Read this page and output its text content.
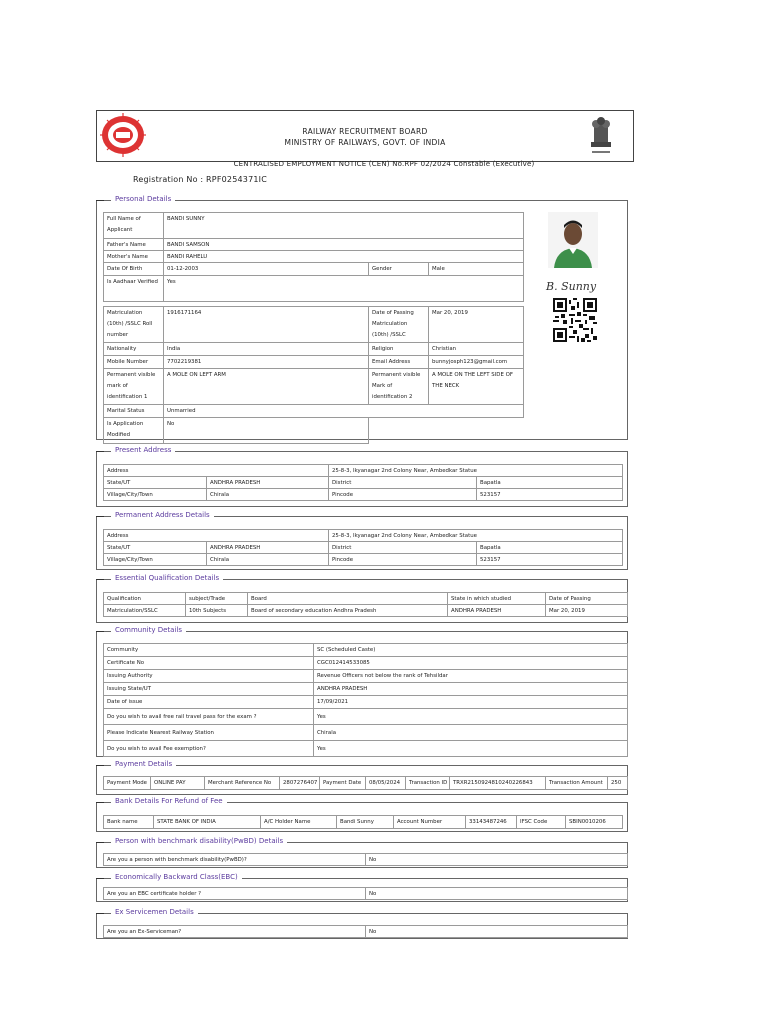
RAILWAY RECRUITMENT BOARD
MINISTRY OF RAILWAYS, GOVT. OF INDIA
CENTRALISED EMPLOYMENT NOTICE (CEN) No.RPF 02/2024 Constable (Executive)
Registration No : RPF0254371IC
Personal Details
Full Name of Applicant	BANDI SUNNY		
Father's Name	BANDI SAMSON		
Mother's Name	BANDI RAHELU		
Date Of Birth	01-12-2003	Gender	Male
Is Aadhaar Verified	Yes		

Matriculation (10th) /SSLC Roll number	1916171164	Date of Passing Matriculation (10th) /SSLC	Mar 20, 2019
Nationality	India	Religion	Christian
Mobile Number	7702219381	Email Address	bunnyjosph123@gmail.com
Permanent visible mark of identification 1	A MOLE ON LEFT ARM	Permanent visible Mark of identification 2	A MOLE ON THE LEFT SIDE OF THE NECK
Marital Status	Unmarried		
Is Application Modified	No		
B. Sunny
Present Address
Address		25-8-3, Ikyanagar 2nd Colony Near, Ambedkar Statue	
State/UT	ANDHRA PRADESH	District	Bapatla
Village/City/Town	Chirala	Pincode	523157
Permanent Address Details
Address		25-8-3, Ikyanagar 2nd Colony Near, Ambedkar Statue	
State/UT	ANDHRA PRADESH	District	Bapatla
Village/City/Town	Chirala	Pincode	523157
Essential Qualification Details
Qualification	subject/Trade	Board	State in which studied	Date of Passing
Matriculation/SSLC	10th Subjects	Board of secondary education Andhra Pradesh	ANDHRA PRADESH	Mar 20, 2019
Community Details
Community	SC (Scheduled Caste)
Certificate No	CGC012414533085
Issuing Authority	Revenue Officers not below the rank of Tehsildar
Issuing State/UT	ANDHRA PRADESH
Date of issue	17/09/2021
Do you wish to avail free rail travel pass for the exam ?	Yes
Please Indicate Nearest Railway Station	Chirala
Do you wish to avail Fee exemption?	Yes
Payment Details
Payment Mode	ONLINE PAY	Merchant Reference No	2807276407	Payment Date	08/05/2024	Transaction ID	TRXR2150924810240226843	Transaction Amount	250
Bank Details For Refund of Fee
Bank name	STATE BANK OF INDIA	A/C Holder Name	Bandi Sunny	Account Number	33143487246	IFSC Code	SBIN0010206
Person with benchmark disability(PwBD) Details
Are you a person with benchmark disability(PwBD)?	No
Economically Backward Class(EBC)
Are you an EBC certificate holder ?	No
Ex Servicemen Details
Are you an Ex-Serviceman?	No
